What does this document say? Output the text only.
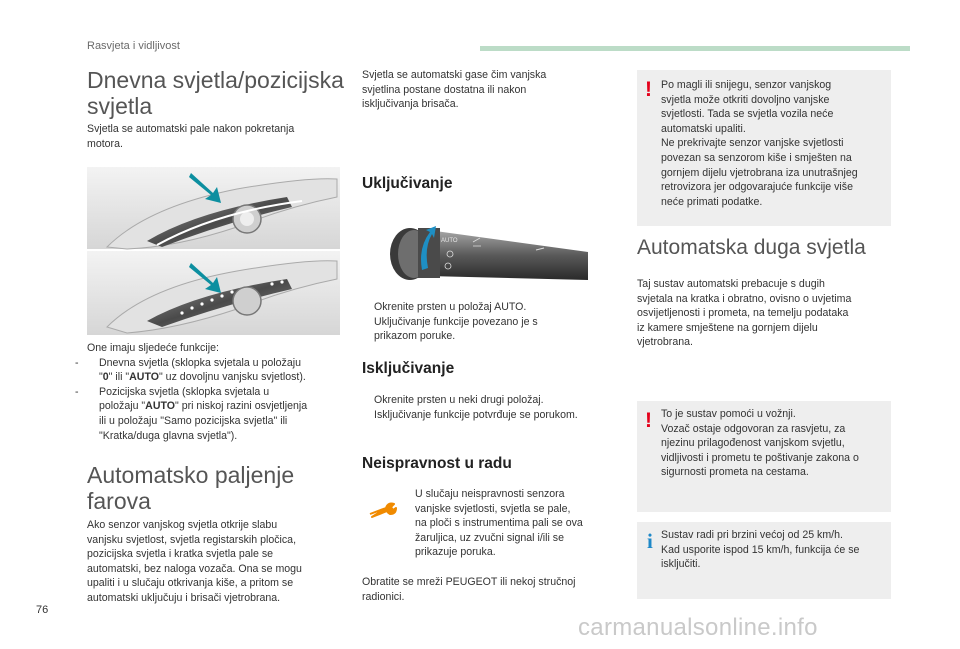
Rasvjeta i vidljivost
Dnevna svjetla/pozicijska
svjetla
Svjetla se automatski pale nakon pokretanja
motora.
One imaju sljedeće funkcije:
- Dnevna svjetla (sklopka svjetala u položaju
"0" ili "AUTO" uz dovoljnu vanjsku svjetlost).
- Pozicijska svjetla (sklopka svjetala u
položaju "AUTO" pri niskoj razini osvjetljenja
ili u položaju "Samo pozicijska svjetla" ili
"Kratka/duga glavna svjetla").
Automatsko paljenje
farova
Ako senzor vanjskog svjetla otkrije slabu
vanjsku svjetlost, svjetla registarskih pločica,
pozicijska svjetla i kratka svjetla pale se
automatski, bez naloga vozača. Ona se mogu
upaliti i u slučaju otkrivanja kiše, a pritom se
automatski uključuju i brisači vjetrobrana.
76
Svjetla se automatski gase čim vanjska
svjetlina postane dostatna ili nakon
isključivanja brisača.
Uključivanje
AUTO
Okrenite prsten u položaj AUTO.
Uključivanje funkcije povezano je s
prikazom poruke.
Isključivanje
Okrenite prsten u neki drugi položaj.
Isključivanje funkcije potvrđuje se porukom.
Neispravnost u radu
U slučaju neispravnosti senzora
vanjske svjetlosti, svjetla se pale,
na ploči s instrumentima pali se ova
žaruljica, uz zvučni signal i/ili se
prikazuje poruka.
Obratite se mreži PEUGEOT ili nekoj stručnoj
radionici.
! Po magli ili snijegu, senzor vanjskog
svjetla može otkriti dovoljno vanjske
svjetlosti. Tada se svjetla vozila neće
automatski upaliti.
Ne prekrivajte senzor vanjske svjetlosti
povezan sa senzorom kiše i smješten na
gornjem dijelu vjetrobrana iza unutrašnjeg
retrovizora jer odgovarajuće funkcije više
neće primati podatke.
Automatska duga svjetla
Taj sustav automatski prebacuje s dugih
svjetala na kratka i obratno, ovisno o uvjetima
osvijetljenosti i prometa, na temelju podataka
iz kamere smještene na gornjem dijelu
vjetrobrana.
! To je sustav pomoći u vožnji.
Vozač ostaje odgovoran za rasvjetu, za
njezinu prilagođenost vanjskom svjetlu,
vidljivosti i prometu te poštivanje zakona o
sigurnosti prometa na cestama.
i Sustav radi pri brzini većoj od 25 km/h.
Kad usporite ispod 15 km/h, funkcija će se
isključiti.
carmanualsonline.info
